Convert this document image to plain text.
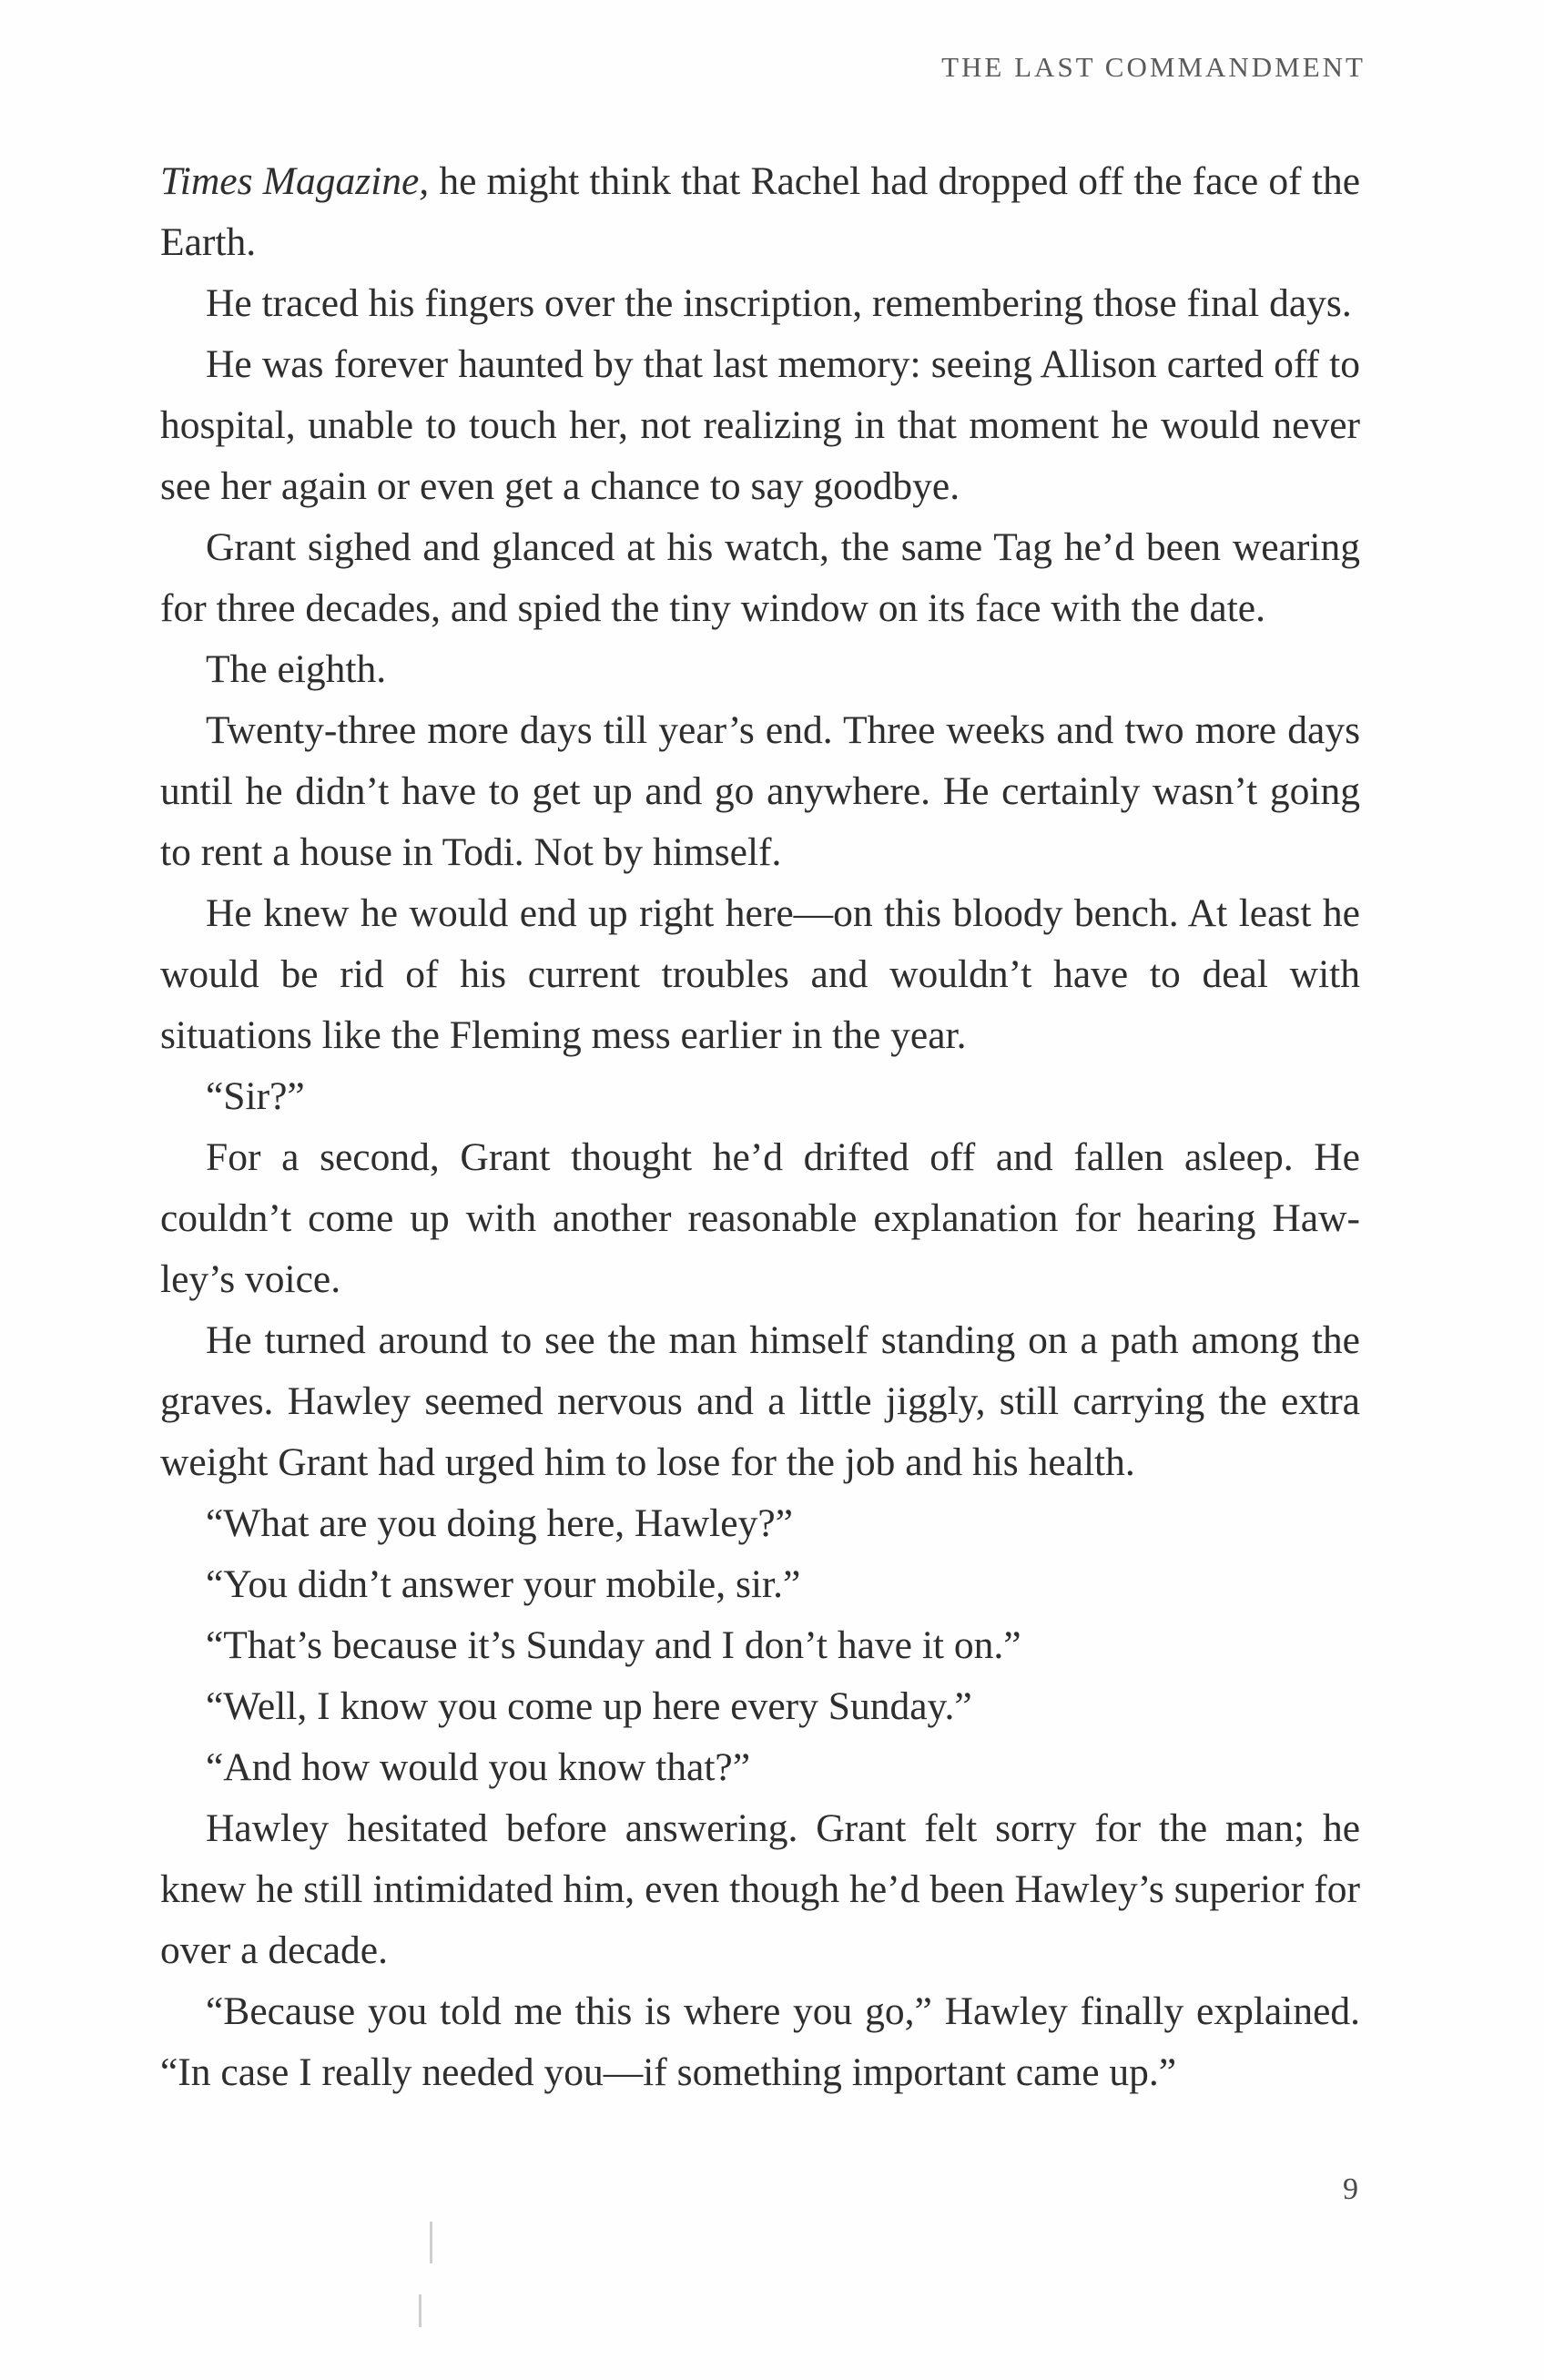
THE LAST COMMANDMENT

Times Magazine, he might think that Rachel had dropped off the face of the Earth.

He traced his fingers over the inscription, remembering those final days.

He was forever haunted by that last memory: seeing Allison carted off to hospital, unable to touch her, not realizing in that moment he would never see her again or even get a chance to say goodbye.

Grant sighed and glanced at his watch, the same Tag he’d been wearing for three decades, and spied the tiny window on its face with the date.

The eighth.

Twenty-three more days till year’s end. Three weeks and two more days until he didn’t have to get up and go anywhere. He certainly wasn’t going to rent a house in Todi. Not by himself.

He knew he would end up right here—on this bloody bench. At least he would be rid of his current troubles and wouldn’t have to deal with situations like the Fleming mess earlier in the year.

“Sir?”

For a second, Grant thought he’d drifted off and fallen asleep. He couldn’t come up with another reasonable explanation for hearing Hawley’s voice.

He turned around to see the man himself standing on a path among the graves. Hawley seemed nervous and a little jiggly, still carrying the extra weight Grant had urged him to lose for the job and his health.

“What are you doing here, Hawley?”

“You didn’t answer your mobile, sir.”

“That’s because it’s Sunday and I don’t have it on.”

“Well, I know you come up here every Sunday.”

“And how would you know that?”

Hawley hesitated before answering. Grant felt sorry for the man; he knew he still intimidated him, even though he’d been Hawley’s superior for over a decade.

“Because you told me this is where you go,” Hawley finally explained. “In case I really needed you—if something important came up.”

9
